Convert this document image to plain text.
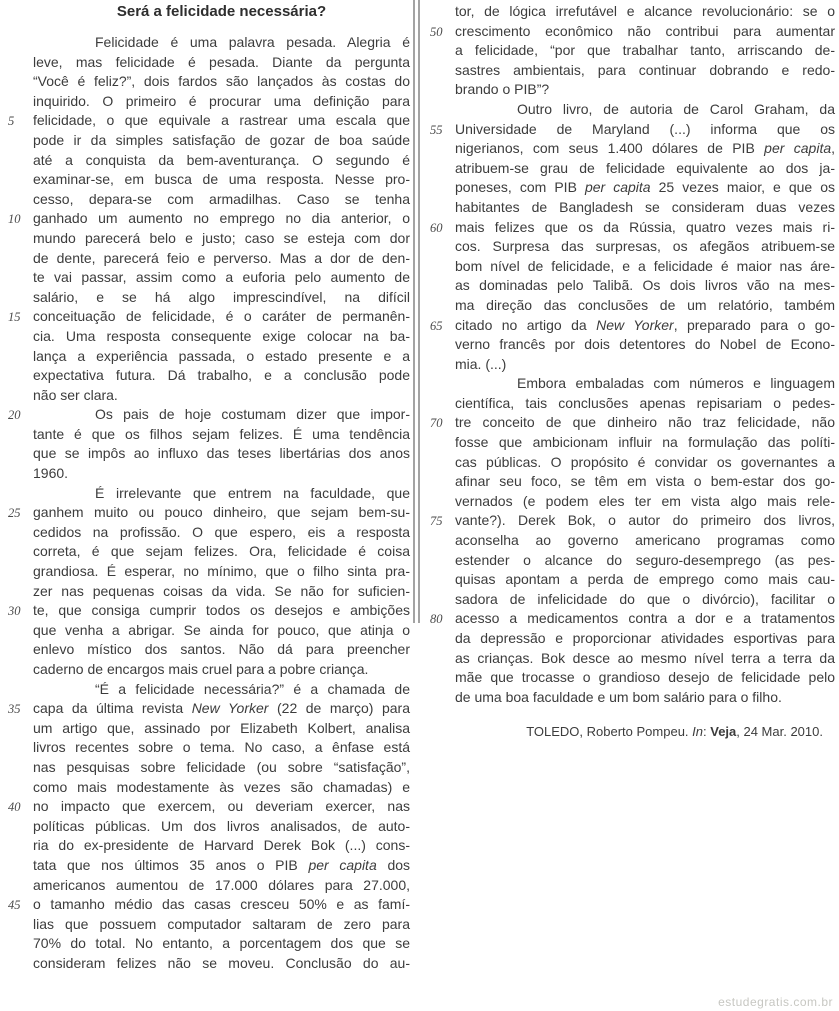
Será a felicidade necessária?
Felicidade é uma palavra pesada. Alegria é
leve, mas felicidade é pesada. Diante da pergunta
“Você é feliz?”, dois fardos são lançados às costas do
inquirido. O primeiro é procurar uma definição para
5	felicidade, o que equivale a rastrear uma escala que
pode ir da simples satisfação de gozar de boa saúde
até a conquista da bem-aventurança. O segundo é
examinar-se, em busca de uma resposta. Nesse pro-
cesso, depara-se com armadilhas. Caso se tenha
10 ganhado um aumento no emprego no dia anterior, o
mundo parecerá belo e justo; caso se esteja com dor
de dente, parecerá feio e perverso. Mas a dor de den-
te vai passar, assim como a euforia pelo aumento de
salário, e se há algo imprescindível, na difícil
15 conceituação de felicidade, é o caráter de permanên-
cia. Uma resposta consequente exige colocar na ba-
lança a experiência passada, o estado presente e a
expectativa futura. Dá trabalho, e a conclusão pode
não ser clara.
20	Os pais de hoje costumam dizer que impor-
tante é que os filhos sejam felizes. É uma tendência
que se impôs ao influxo das teses libertárias dos anos
1960.
É irrelevante que entrem na faculdade, que
25 ganhem muito ou pouco dinheiro, que sejam bem-su-
cedidos na profissão. O que espero, eis a resposta
correta, é que sejam felizes. Ora, felicidade é coisa
grandiosa. É esperar, no mínimo, que o filho sinta pra-
zer nas pequenas coisas da vida. Se não for suficien-
30 te, que consiga cumprir todos os desejos e ambições
que venha a abrigar. Se ainda for pouco, que atinja o
enlevo místico dos santos. Não dá para preencher
caderno de encargos mais cruel para a pobre criança.
“É a felicidade necessária?” é a chamada de
35 capa da última revista New Yorker (22 de março) para
um artigo que, assinado por Elizabeth Kolbert, analisa
livros recentes sobre o tema. No caso, a ênfase está
nas pesquisas sobre felicidade (ou sobre “satisfação”,
como mais modestamente às vezes são chamadas) e
40 no impacto que exercem, ou deveriam exercer, nas
políticas públicas. Um dos livros analisados, de auto-
ria do ex-presidente de Harvard Derek Bok (...) cons-
tata que nos últimos 35 anos o PIB per capita dos
americanos aumentou de 17.000 dólares para 27.000,
45 o tamanho médio das casas cresceu 50% e as famí-
lias que possuem computador saltaram de zero para
70% do total. No entanto, a porcentagem dos que se
consideram felizes não se moveu. Conclusão do au-
tor, de lógica irrefutável e alcance revolucionário: se o
50 crescimento econômico não contribui para aumentar
a felicidade, “por que trabalhar tanto, arriscando de-
sastres ambientais, para continuar dobrando e redo-
brando o PIB”?
Outro livro, de autoria de Carol Graham, da
55 Universidade de Maryland (...) informa que os
nigerianos, com seus 1.400 dólares de PIB per capita,
atribuem-se grau de felicidade equivalente ao dos ja-
poneses, com PIB per capita 25 vezes maior, e que os
habitantes de Bangladesh se consideram duas vezes
60 mais felizes que os da Rússia, quatro vezes mais ri-
cos. Surpresa das surpresas, os afegãos atribuem-se
bom nível de felicidade, e a felicidade é maior nas áre-
as dominadas pelo Talibã. Os dois livros vão na mes-
ma direção das conclusões de um relatório, também
65 citado no artigo da New Yorker, preparado para o go-
verno francês por dois detentores do Nobel de Econo-
mia. (...)
Embora embaladas com números e linguagem
científica, tais conclusões apenas repisariam o pedes-
70 tre conceito de que dinheiro não traz felicidade, não
fosse que ambicionam influir na formulação das políti-
cas públicas. O propósito é convidar os governantes a
afinar seu foco, se têm em vista o bem-estar dos go-
vernados (e podem eles ter em vista algo mais rele-
75 vante?). Derek Bok, o autor do primeiro dos livros,
aconselha ao governo americano programas como
estender o alcance do seguro-desemprego (as pes-
quisas apontam a perda de emprego como mais cau-
sadora de infelicidade do que o divórcio), facilitar o
80 acesso a medicamentos contra a dor e a tratamentos
da depressão e proporcionar atividades esportivas para
as crianças. Bok desce ao mesmo nível terra a terra da
mãe que trocasse o grandioso desejo de felicidade pelo
de uma boa faculdade e um bom salário para o filho.
TOLEDO, Roberto Pompeu. In: Veja, 24 Mar. 2010.
estudegratis.com.br
